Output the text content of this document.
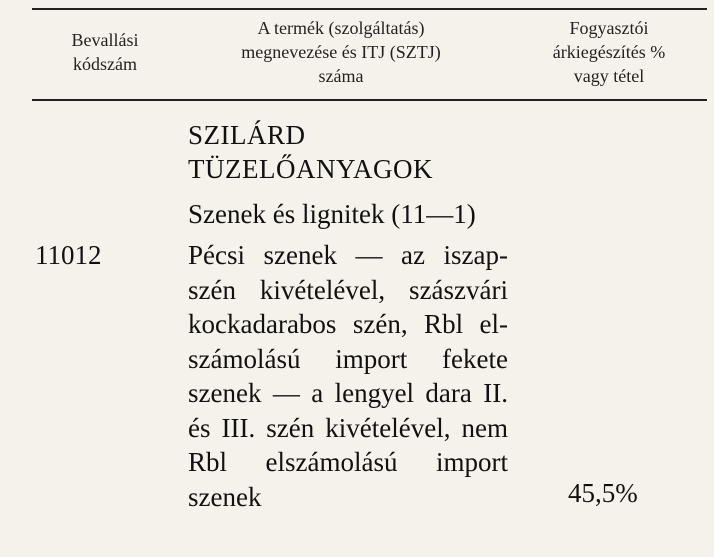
Bevallási
kódszám
A termék (szolgáltatás)
megnevezése és ITJ (SZTJ)
száma
Fogyasztói
árkiegészítés %
vagy tétel
SZILÁRD
TÜZELŐANYAGOK
Szenek és lignitek (11—1)
11012	Pécsi szenek — az iszap-
szén kivételével, szászvári
kockadarabos szén, Rbl el-
számolású import fekete
szenek — a lengyel dara II.
és III. szén kivételével, nem
Rbl elszámolású import
szenek	45,5%
